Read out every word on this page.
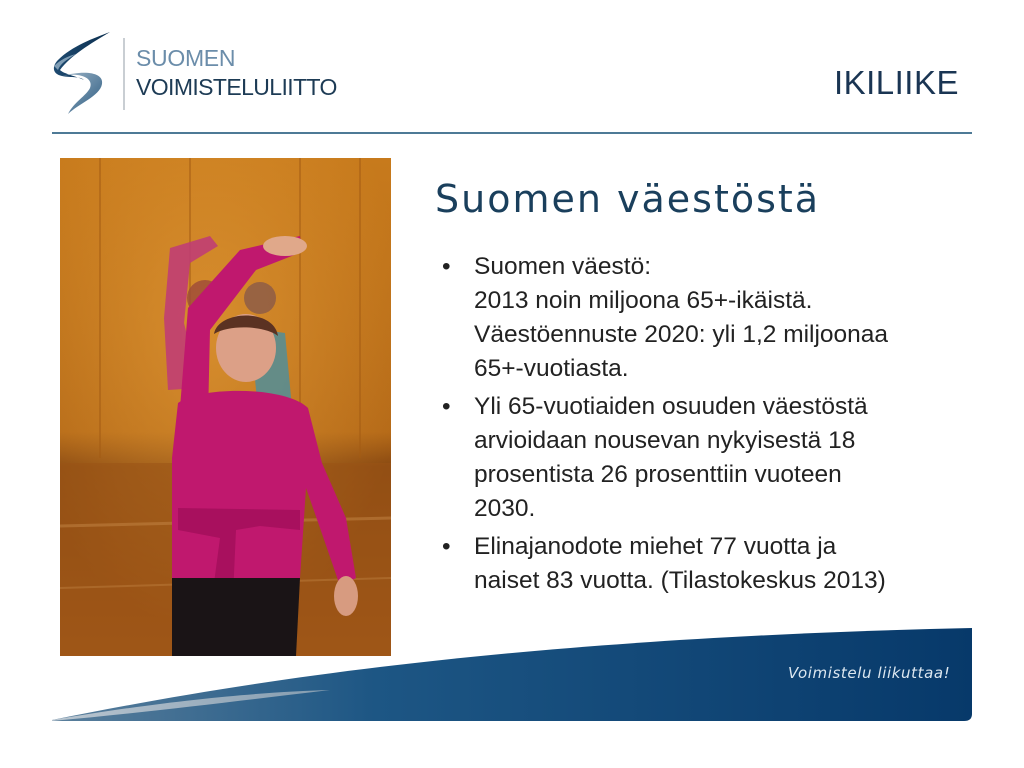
SUOMEN
VOIMISTELULIITTO	IKILIIKE
Suomen väestöstä
• Suomen väestö:
2013 noin miljoona 65+-ikäistä.
Väestöennuste 2020: yli 1,2 miljoonaa
65+-vuotiasta.
• Yli 65-vuotiaiden osuuden väestöstä
arvioidaan nousevan nykyisestä 18
prosentista 26 prosenttiin vuoteen
2030.
• Elinajanodote miehet 77 vuotta ja
naiset 83 vuotta. (Tilastokeskus 2013)
Voimistelu liikuttaa!
